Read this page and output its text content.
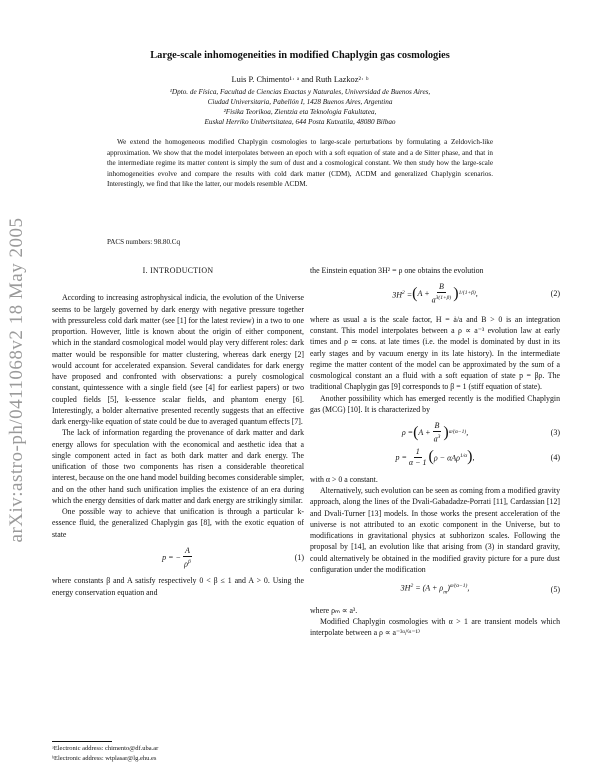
arXiv:astro-ph/0411068v2 18 May 2005
Large-scale inhomogeneities in modified Chaplygin gas cosmologies
Luis P. Chimento¹· ᵃ and Ruth Lazkoz²· ᵇ
¹Dpto. de Física, Facultad de Ciencias Exactas y Naturales, Universidad de Buenos Aires,
Ciudad Universitaria, Pabellón I, 1428 Buenos Aires, Argentina
²Fisika Teorikoa, Zientzia eta Teknologia Fakultatea,
Euskal Herriko Unibertsitatea, 644 Posta Kutxatila, 48080 Bilbao

We extend the homogeneous modified Chaplygin cosmologies to large-scale perturbations by formulating a Zeldovich-like approximation. We show that the model interpolates between an epoch with a soft equation of state and a de Sitter phase, and that in the intermediate regime its matter content is simply the sum of dust and a cosmological constant. We then study how the large-scale inhomogeneities evolve and compare the results with cold dark matter (CDM), ΛCDM and generalized Chaplygin scenarios. Interestingly, we find that like the latter, our models resemble ΛCDM.

PACS numbers: 98.80.Cq
I. INTRODUCTION

According to increasing astrophysical indicia, the evolution of the Universe seems to be largely governed by dark energy with negative pressure together with pressureless cold dark matter (see [1] for the latest review) in a two to one proportion. However, little is known about the origin of either component, which in the standard cosmological model would play very different roles: dark matter would be responsible for matter clustering, whereas dark energy [2] would account for accelerated expansion. Several candidates for dark energy have proposed and confronted with observations: a purely cosmological constant, quintessence with a single field (see [4] for earliest papers) or two coupled fields [5], k-essence scalar fields, and phantom energy [6]. Interestingly, a bolder alternative presented recently suggests that an effective dark energy-like equation of state could be due to averaged quantum effects [7].

The lack of information regarding the provenance of dark matter and dark energy allows for speculation with the economical and aesthetic idea that a single component acted in fact as both dark matter and dark energy. The unification of those two components has risen a considerable theoretical interest, because on the one hand model building becomes considerable simpler, and on the other hand such unification implies the existence of an era during which the energy densities of dark matter and dark energy are strikingly similar.

One possible way to achieve that unification is through a particular k-essence fluid, the generalized Chaplygin gas [8], with the exotic equation of state

p = − $\frac{A}{\rho^\beta}$	(1)

where constants β and A satisfy respectively 0 < β ≤ 1 and A > 0. Using the energy conservation equation and

the Einstein equation 3H² = ρ one obtains the evolution

$3H^2$ = ( $A + \frac{B}{a^{3(1+\beta)}}$ ) 1/(1+β) ,	(2)

where as usual a is the scale factor, H = ȧ/a and B > 0 is an integration constant. This model interpolates between a ρ ∝ a⁻³ evolution law at early times and ρ ≃ cons. at late times (i.e. the model is dominated by dust in its early stages and by vacuum energy in its late history). In the intermediate regime the matter content of the model can be approximated by the sum of a cosmological constant an a fluid with a soft equation of state p = βρ. The traditional Chaplygin gas [9] corresponds to β = 1 (stiff equation of state).

Another possibility which has emerged recently is the modified Chaplygin gas (MCG) [10]. It is characterized by

ρ = ( $A + \frac{B}{a^3}$ ) α/(α−1) ,	(3)
$p = \frac{1}{\alpha - 1}$ ( ρ − αAρ$^{1/\alpha}$ ) ,	(4)

with α > 0 a constant.

Alternatively, such evolution can be seen as coming from a modified gravity approach, along the lines of the Dvali-Gabadadze-Porrati [11], Cardassian [12] and Dvali-Turner [13] models. In those works the present acceleration of the universe is not attributed to an exotic component in the Universe, but to modifications in gravitational physics at subhorizon scales. Following the proposal by [14], an evolution like that arising from (3) in standard gravity, could alternatively be obtained in the modified gravity picture for a pure dust configuration under the modification

$3H^2 = (A + \rho_m)^{\alpha/(\alpha-1)}$,	(5)

where ρₘ ∝ a³.

Modified Chaplygin cosmologies with α > 1 are transient models which interpolate between a ρ ∝ a⁻³ᵅ/⁽ᵅ⁻¹⁾

ᵃElectronic address: chimento@df.uba.ar
ᵇElectronic address: wtplasar@lg.ehu.es
